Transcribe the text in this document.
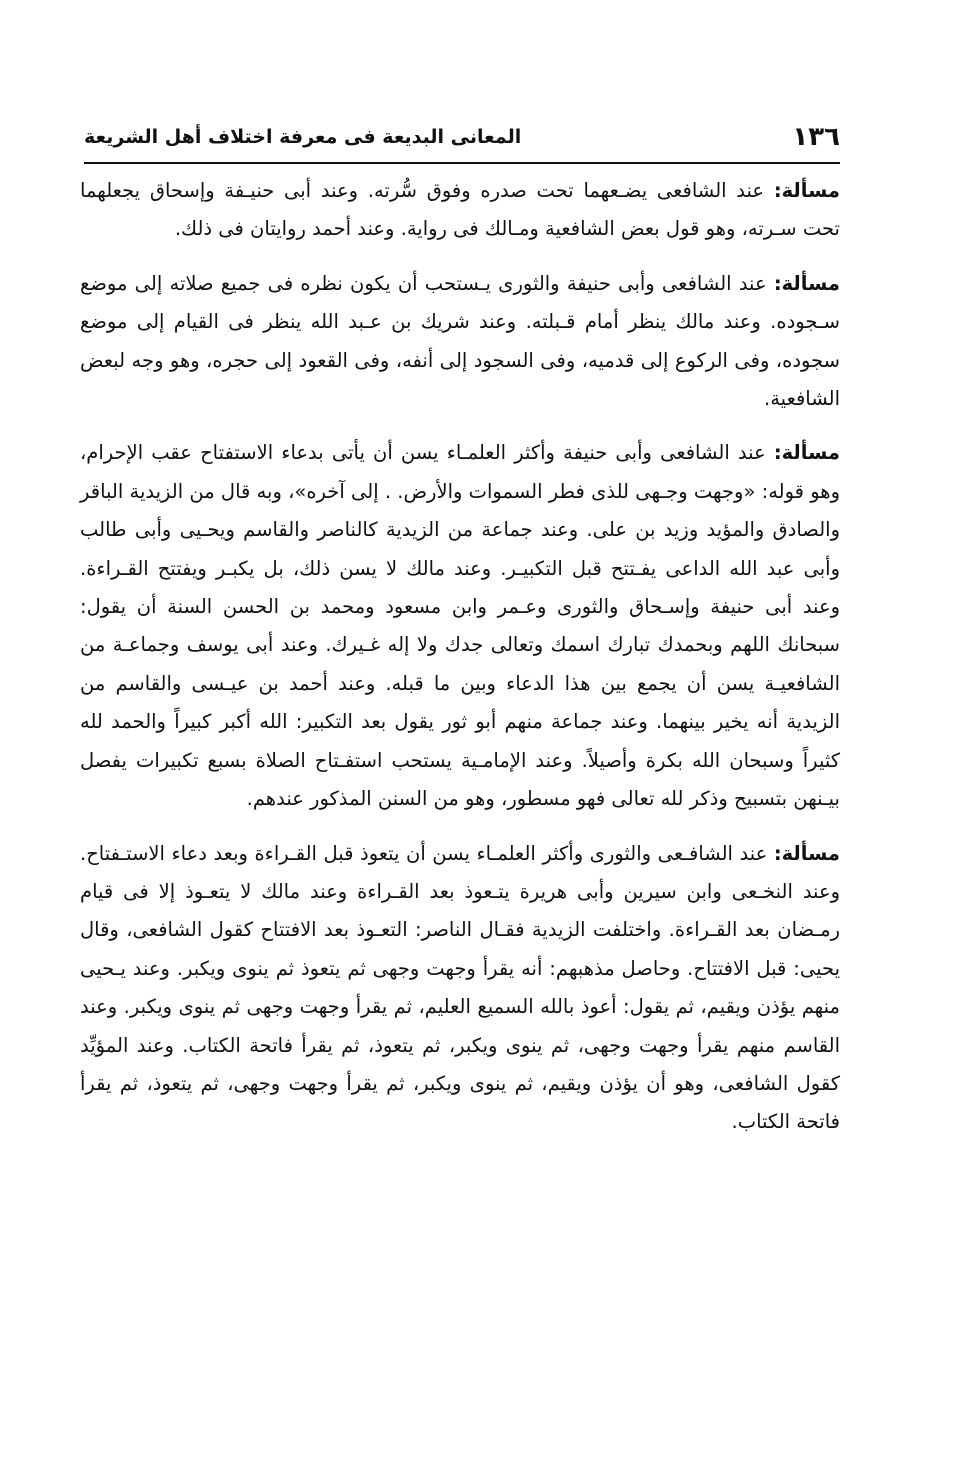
١٣٦
المعانى البديعة فى معرفة اختلاف أهل الشريعة

مسألة: عند الشافعى يضـعهما تحت صدره وفوق سُّرته. وعند أبى حنيـفة وإسحاق يجعلهما تحت سـرته، وهو قول بعض الشافعية ومـالك فى رواية. وعند أحمد روايتان فى ذلك.

مسألة: عند الشافعى وأبى حنيفة والثورى يـستحب أن يكون نظره فى جميع صلاته إلى موضع سـجوده. وعند مالك ينظر أمام قـبلته. وعند شريك بن عـبد الله ينظر فى القيام إلى موضع سجوده، وفى الركوع إلى قدميه، وفى السجود إلى أنفه، وفى القعود إلى حجره، وهو وجه لبعض الشافعية.

مسألة: عند الشافعى وأبى حنيفة وأكثر العلمـاء يسن أن يأتى بدعاء الاستفتاح عقب الإحرام، وهو قوله: «وجهت وجـهى للذى فطر السموات والأرض. . إلى آخره»، وبه قال من الزيدية الباقر والصادق والمؤيد وزيد بن على. وعند جماعة من الزيدية كالناصر والقاسم ويحـيى وأبى طالب وأبى عبد الله الداعى يفـتتح قبل التكبيـر. وعند مالك لا يسن ذلك، بل يكبـر ويفتتح القـراءة. وعند أبى حنيفة وإسـحاق والثورى وعـمر وابن مسعود ومحمد بن الحسن السنة أن يقول: سبحانك اللهم وبحمدك تبارك اسمك وتعالى جدك ولا إله غـيرك. وعند أبى يوسف وجماعـة من الشافعيـة يسن أن يجمع بين هذا الدعاء وبين ما قبله. وعند أحمد بن عيـسى والقاسم من الزيدية أنه يخير بينهما. وعند جماعة منهم أبو ثور يقول بعد التكبير: الله أكبر كبيراً والحمد لله كثيراً وسبحان الله بكرة وأصيلاً. وعند الإمامـية يستحب استفـتاح الصلاة بسبع تكبيرات يفصل بيـنهن بتسبيح وذكر لله تعالى فهو مسطور، وهو من السنن المذكور عندهم.

مسألة: عند الشافـعى والثورى وأكثر العلمـاء يسن أن يتعوذ قبل القـراءة وبعد دعاء الاستـفتاح. وعند النخـعى وابن سيرين وأبى هريرة يتـعوذ بعد القـراءة وعند مالك لا يتعـوذ إلا فى قيام رمـضان بعد القـراءة. واختلفت الزيدية فقـال الناصر: التعـوذ بعد الافتتاح كقول الشافعى، وقال يحيى: قبل الافتتاح. وحاصل مذهبهم: أنه يقرأ وجهت وجهى ثم يتعوذ ثم ينوى ويكبر. وعند يـحيى منهم يؤذن ويقيم، ثم يقول: أعوذ بالله السميع العليم، ثم يقرأ وجهت وجهى ثم ينوى ويكبر. وعند القاسم منهم يقرأ وجهت وجهى، ثم ينوى ويكبر، ثم يتعوذ، ثم يقرأ فاتحة الكتاب. وعند المؤيِّد كقول الشافعى، وهو أن يؤذن ويقيم، ثم ينوى ويكبر، ثم يقرأ وجهت وجهى، ثم يتعوذ، ثم يقرأ فاتحة الكتاب.
